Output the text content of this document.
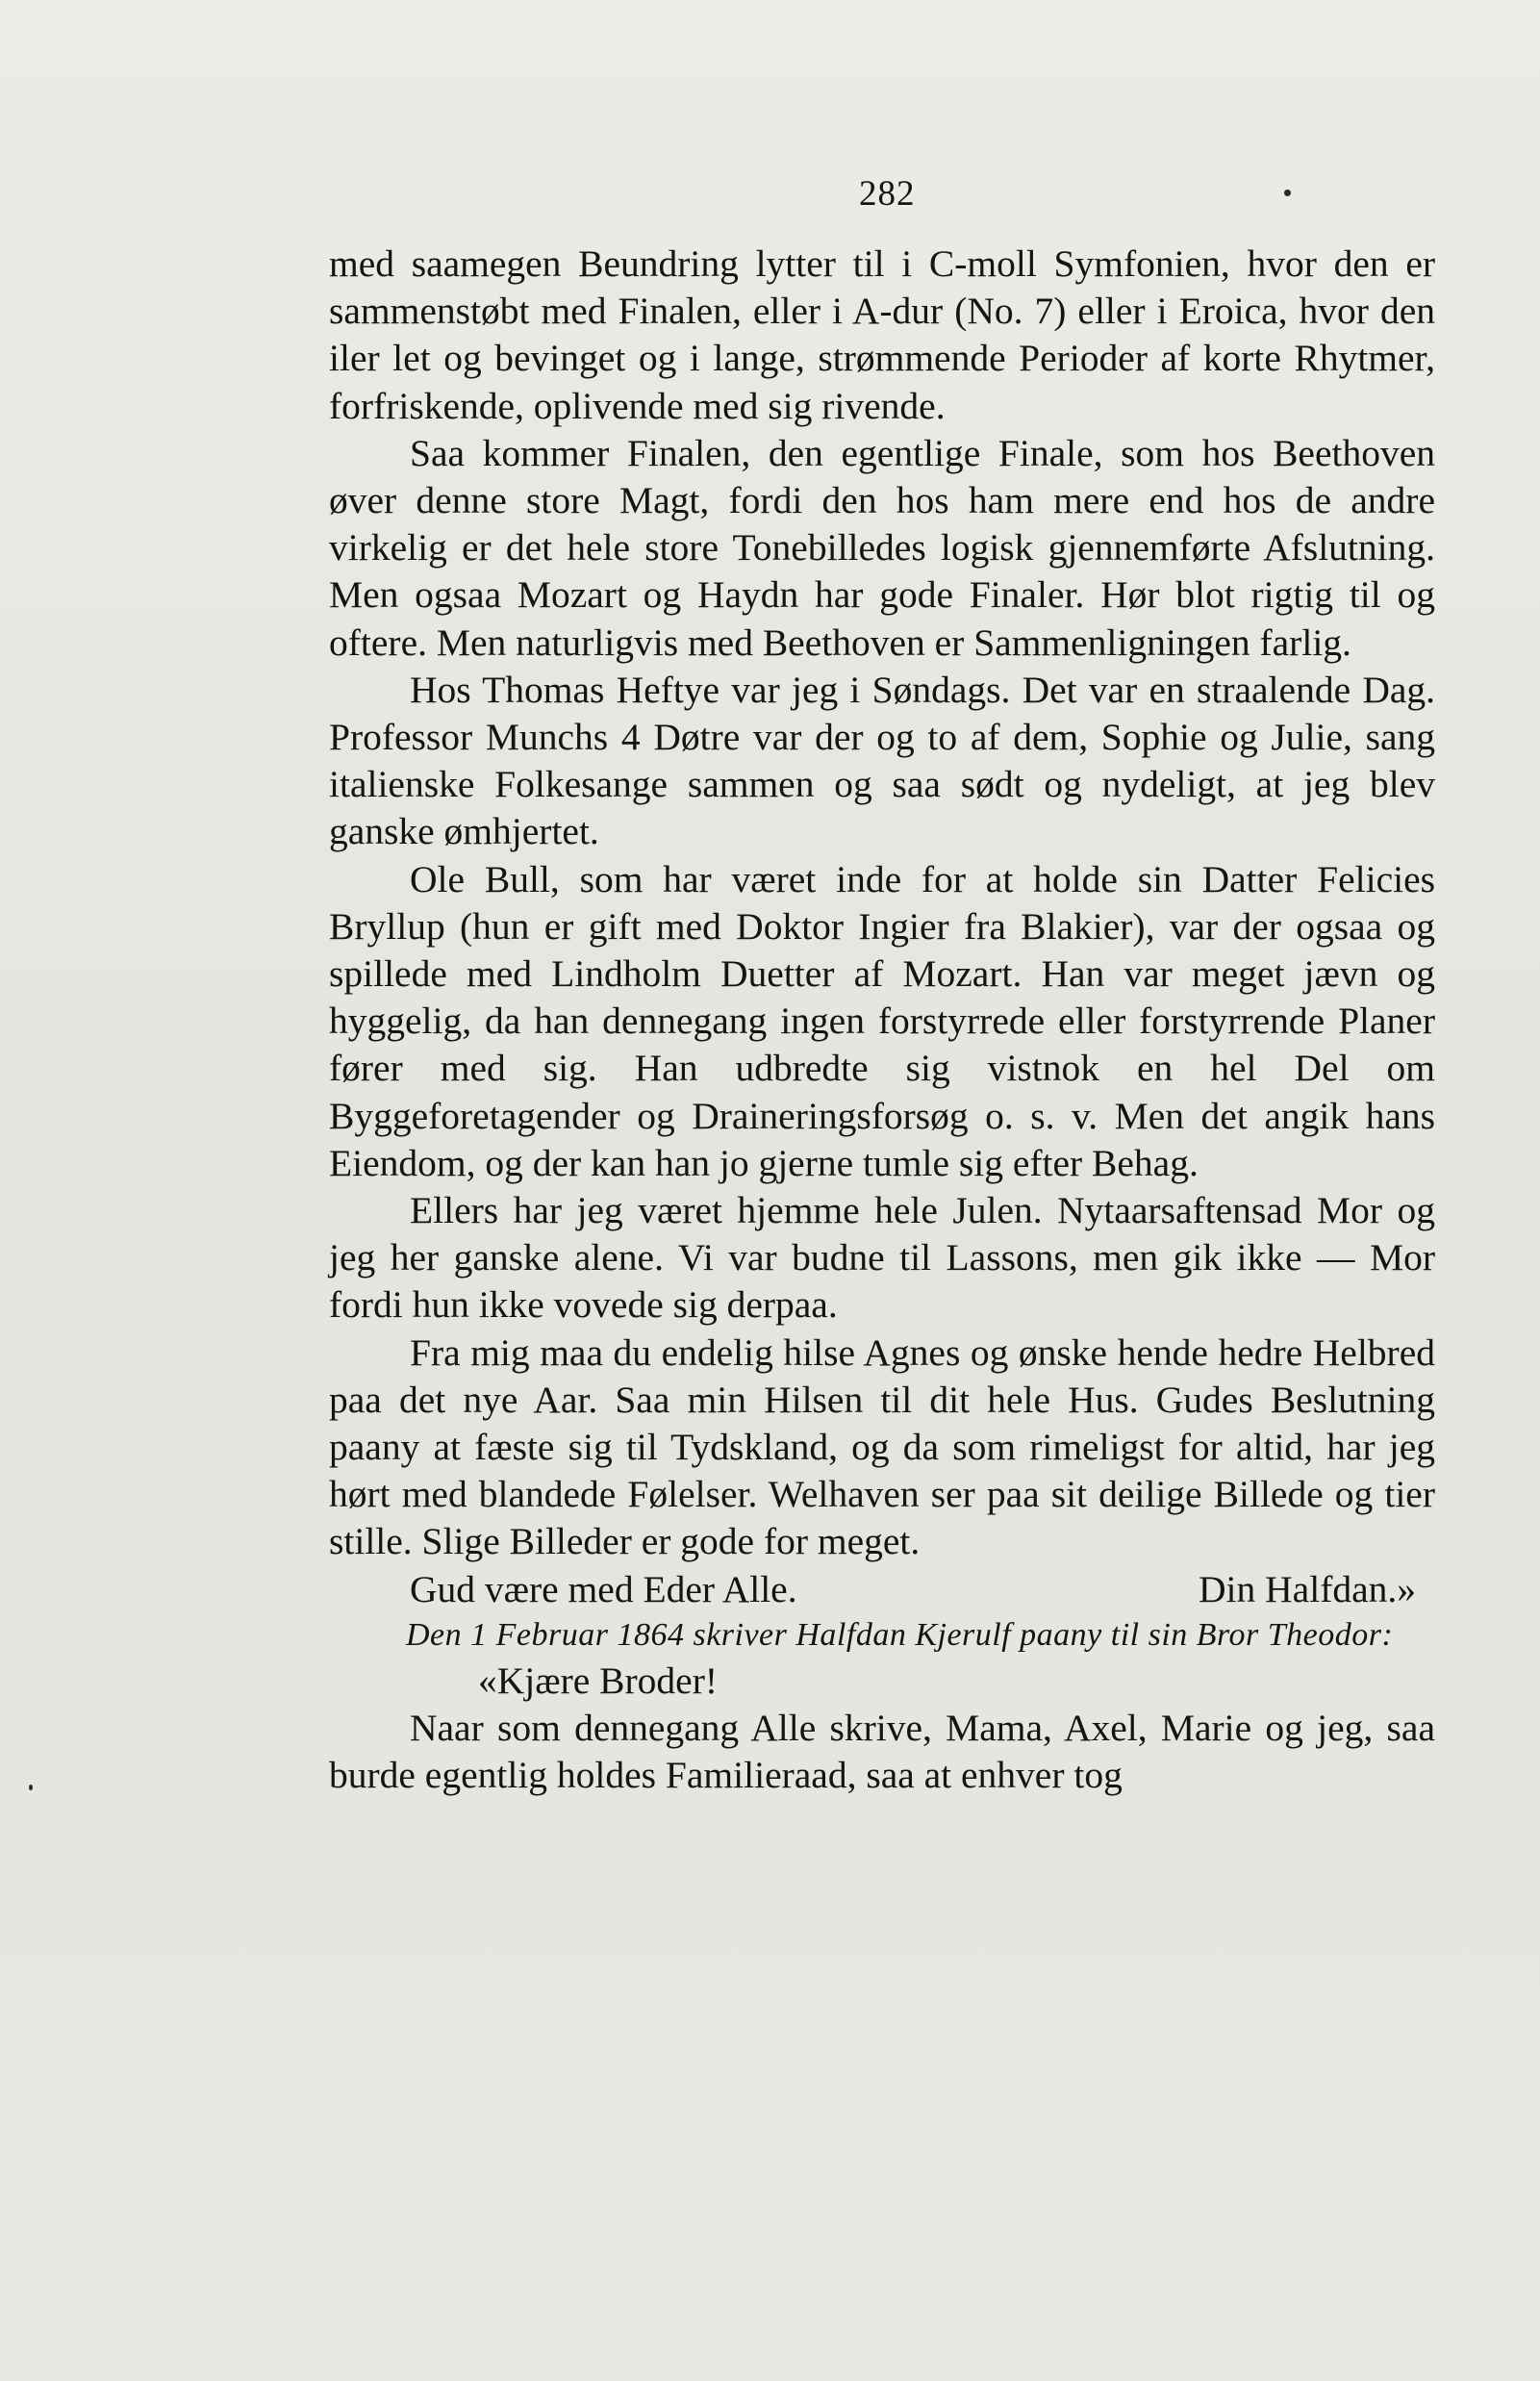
282

med saamegen Beundring lytter til i C-moll Symfonien, hvor den er sammenstøbt med Finalen, eller i A-dur (No. 7) eller i Eroica, hvor den iler let og bevinget og i lange, strømmende Perioder af korte Rhytmer, forfriskende, oplivende med sig rivende.

Saa kommer Finalen, den egentlige Finale, som hos Beethoven øver denne store Magt, fordi den hos ham mere end hos de andre virkelig er det hele store Tonebilledes logisk gjennemførte Afslutning. Men ogsaa Mozart og Haydn har gode Finaler. Hør blot rigtig til og oftere. Men naturligvis med Beethoven er Sammenligningen farlig.

Hos Thomas Heftye var jeg i Søndags. Det var en straalende Dag. Professor Munchs 4 Døtre var der og to af dem, Sophie og Julie, sang italienske Folkesange sammen og saa sødt og nydeligt, at jeg blev ganske ømhjertet.

Ole Bull, som har været inde for at holde sin Datter Felicies Bryllup (hun er gift med Doktor Ingier fra Blakier), var der ogsaa og spillede med Lindholm Duetter af Mozart. Han var meget jævn og hyggelig, da han dennegang ingen forstyrrede eller forstyrrende Planer fører med sig. Han udbredte sig vistnok en hel Del om Byggeforetagender og Draineringsforsøg o. s. v. Men det angik hans Eiendom, og der kan han jo gjerne tumle sig efter Behag.

Ellers har jeg været hjemme hele Julen. Nytaarsaftensad Mor og jeg her ganske alene. Vi var budne til Lassons, men gik ikke — Mor fordi hun ikke vovede sig derpaa.

Fra mig maa du endelig hilse Agnes og ønske hende hedre Helbred paa det nye Aar. Saa min Hilsen til dit hele Hus. Gudes Beslutning paany at fæste sig til Tydskland, og da som rimeligst for altid, har jeg hørt med blandede Følelser. Welhaven ser paa sit deilige Billede og tier stille. Slige Billeder er gode for meget.

Gud være med Eder Alle.	Din Halfdan.»

Den 1 Februar 1864 skriver Halfdan Kjerulf paany til sin Bror Theodor:

«Kjære Broder!

Naar som dennegang Alle skrive, Mama, Axel, Marie og jeg, saa burde egentlig holdes Familieraad, saa at enhver tog
